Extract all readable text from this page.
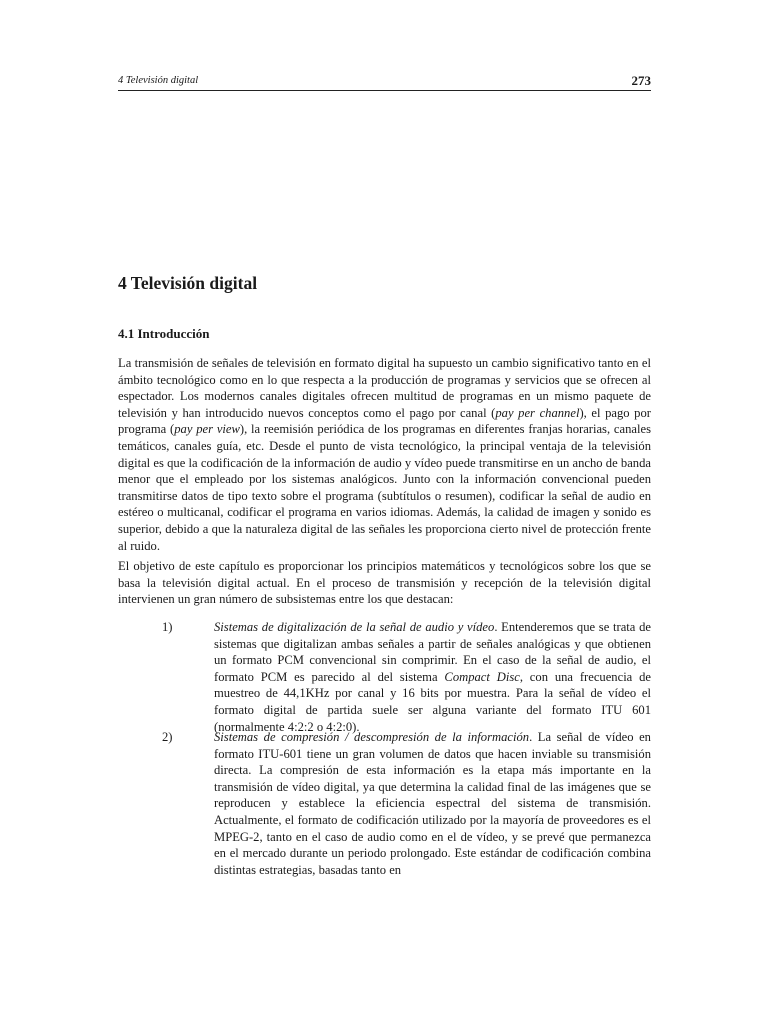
4 Televisión digital	273
4 Televisión digital
4.1 Introducción

La transmisión de señales de televisión en formato digital ha supuesto un cambio significativo tanto en el ámbito tecnológico como en lo que respecta a la producción de programas y servicios que se ofrecen al espectador. Los modernos canales digitales ofrecen multitud de programas en un mismo paquete de televisión y han introducido nuevos conceptos como el pago por canal (pay per channel), el pago por programa (pay per view), la reemisión periódica de los programas en diferentes franjas horarias, canales temáticos, canales guía, etc. Desde el punto de vista tecnológico, la principal ventaja de la televisión digital es que la codificación de la información de audio y vídeo puede transmitirse en un ancho de banda menor que el empleado por los sistemas analógicos. Junto con la información convencional pueden transmitirse datos de tipo texto sobre el programa (subtítulos o resumen), codificar la señal de audio en estéreo o multicanal, codificar el programa en varios idiomas. Además, la calidad de imagen y sonido es superior, debido a que la naturaleza digital de las señales les proporciona cierto nivel de protección frente al ruido.

El objetivo de este capítulo es proporcionar los principios matemáticos y tecnológicos sobre los que se basa la televisión digital actual. En el proceso de transmisión y recepción de la televisión digital intervienen un gran número de subsistemas entre los que destacan:

1)	Sistemas de digitalización de la señal de audio y vídeo. Entenderemos que se trata de sistemas que digitalizan ambas señales a partir de señales analógicas y que obtienen un formato PCM convencional sin comprimir. En el caso de la señal de audio, el formato PCM es parecido al del sistema Compact Disc, con una frecuencia de muestreo de 44,1KHz por canal y 16 bits por muestra. Para la señal de vídeo el formato digital de partida suele ser alguna variante del formato ITU 601 (normalmente 4:2:2 o 4:2:0).

2)	Sistemas de compresión / descompresión de la información. La señal de vídeo en formato ITU-601 tiene un gran volumen de datos que hacen inviable su transmisión directa. La compresión de esta información es la etapa más importante en la transmisión de vídeo digital, ya que determina la calidad final de las imágenes que se reproducen y establece la eficiencia espectral del sistema de transmisión. Actualmente, el formato de codificación utilizado por la mayoría de proveedores es el MPEG-2, tanto en el caso de audio como en el de vídeo, y se prevé que permanezca en el mercado durante un periodo prolongado. Este estándar de codificación combina distintas estrategias, basadas tanto en
